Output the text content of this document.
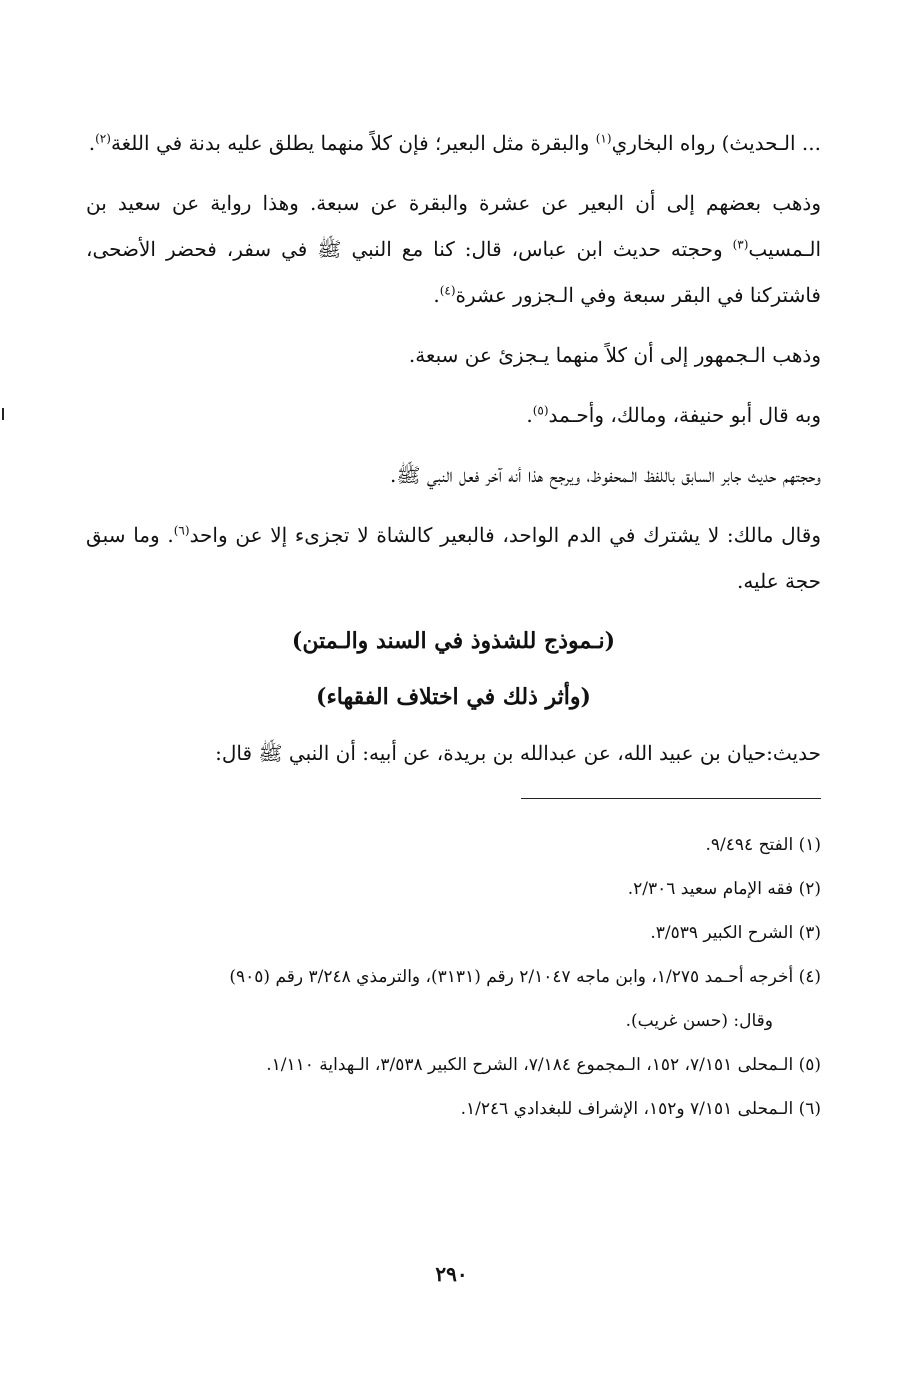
... الـحديث) رواه البخاري$^{(١)}$ والبقرة مثل البعير؛ فإن كلاً منهما يطلق عليه بدنة في اللغة$^{(٢)}$.

وذهب بعضهم إلى أن البعير عن عشرة والبقرة عن سبعة. وهذا رواية عن سعيد بن الـمسيب$^{(٣)}$ وحجته حديث ابن عباس، قال: كنا مع النبي ﷺ في سفر، فحضر الأضحى، فاشتركنا في البقر سبعة وفي الـجزور عشرة$^{(٤)}$.

وذهب الـجمهور إلى أن كلاً منهما يـجزئ عن سبعة.

وبه قال أبو حنيفة، ومالك، وأحـمد$^{(٥)}$.

وحجتهم حديث جابر السابق باللفظ الـمحفوظ، ويرجح هذا أنه آخر فعل النبي ﷺ.

وقال مالك: لا يشترك في الدم الواحد، فالبعير كالشاة لا تجزىء إلا عن واحد$^{(٦)}$. وما سبق حجة عليه.

(نـموذج للشذوذ في السند والـمتن)
(وأثر ذلك في اختلاف الفقهاء)

حديث:حيان بن عبيد الله، عن عبدالله بن بريدة، عن أبيه: أن النبي ﷺ قال:

(١) الفتح ٩/٤٩٤.
(٢) فقه الإمام سعيد ٢/٣٠٦.
(٣) الشرح الكبير ٣/٥٣٩.
(٤) أخرجه أحـمد ١/٢٧٥، وابن ماجه ٢/١٠٤٧ رقم (٣١٣١)، والترمذي ٣/٢٤٨ رقم (٩٠٥)
وقال: (حسن غريب).
(٥) الـمحلى ٧/١٥١، ١٥٢، الـمجموع ٧/١٨٤، الشرح الكبير ٣/٥٣٨، الـهداية ١/١١٠.
(٦) الـمحلى ٧/١٥١ و١٥٢، الإشراف للبغدادي ١/٢٤٦.
٢٩٠
